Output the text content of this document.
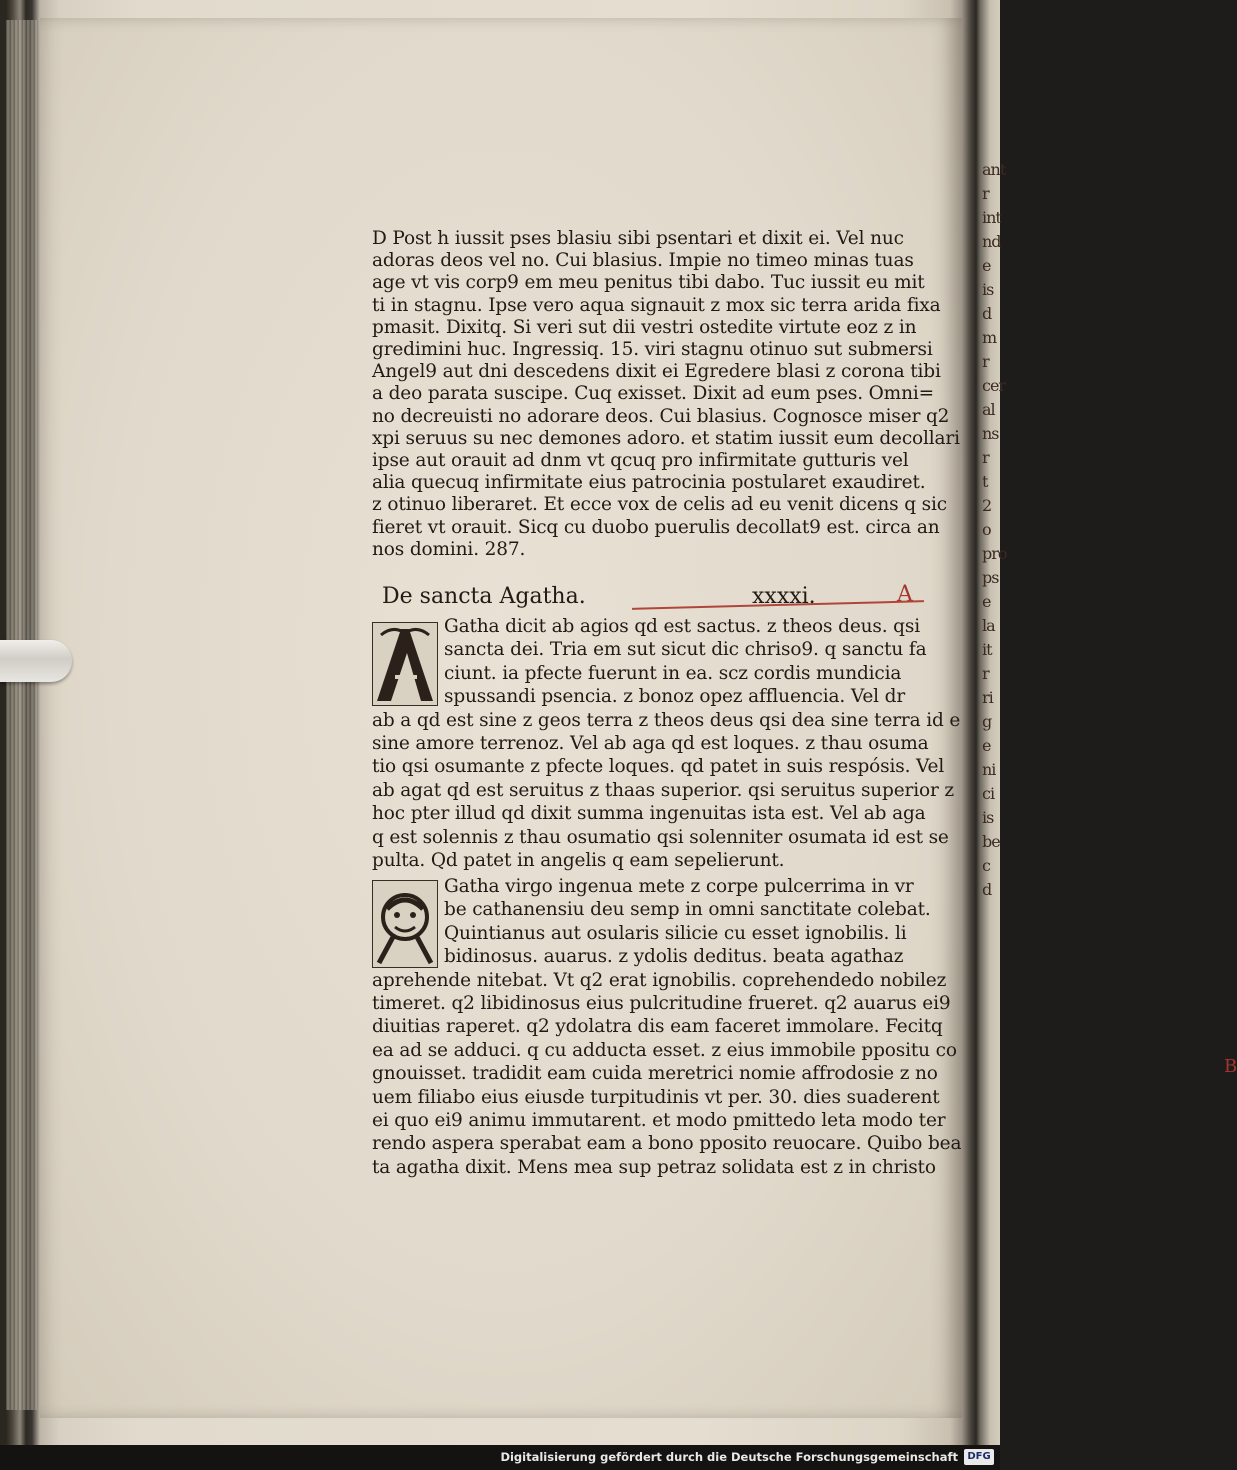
D Post h iussit pses blasiu sibi psentari et dixit ei. Vel nuc
adoras deos vel no. Cui blasius. Impie no timeo minas tuas
age vt vis corp9 em meu penitus tibi dabo. Tuc iussit eu mit
ti in stagnu. Ipse vero aqua signauit z mox sic terra arida fixa
pmasit. Dixitq. Si veri sut dii vestri ostedite virtute eoz z in
gredimini huc. Ingressiq. 15. viri stagnu otinuo sut submersi
Angel9 aut dni descedens dixit ei Egredere blasi z corona tibi
a deo parata suscipe. Cuq exisset. Dixit ad eum pses. Omni=
no decreuisti no adorare deos. Cui blasius. Cognosce miser q2
xpi seruus su nec demones adoro. et statim iussit eum decollari
ipse aut orauit ad dnm vt qcuq pro infirmitate gutturis vel
alia quecuq infirmitate eius patrocinia postularet exaudiret.
z otinuo liberaret. Et ecce vox de celis ad eu venit dicens q sic
fieret vt orauit. Sicq cu duobo puerulis decollat9 est. circa an
nos domini. 287.
De sancta Agatha.	xxxxi.	A
Gatha dicit ab agios qd est sactus. z theos deus. qsi
sancta dei. Tria em sut sicut dic chriso9. q sanctu fa
ciunt. ia pfecte fuerunt in ea. scz cordis mundicia
spussandi psencia. z bonoz opez affluencia. Vel dr
ab a qd est sine z geos terra z theos deus qsi dea sine terra id e
sine amore terrenoz. Vel ab aga qd est loques. z thau osuma
tio qsi osumante z pfecte loques. qd patet in suis respósis. Vel
ab agat qd est seruitus z thaas superior. qsi seruitus superior z
hoc pter illud qd dixit summa ingenuitas ista est. Vel ab aga
q est solennis z thau osumatio qsi solenniter osumata id est se
pulta. Qd patet in angelis q eam sepelierunt.
B
Gatha virgo ingenua mete z corpe pulcerrima in vr
be cathanensiu deu semp in omni sanctitate colebat.
Quintianus aut osularis silicie cu esset ignobilis. li
bidinosus. auarus. z ydolis deditus. beata agathaz
aprehende nitebat. Vt q2 erat ignobilis. coprehendedo nobilez
timeret. q2 libidinosus eius pulcritudine frueret. q2 auarus ei9
diuitias raperet. q2 ydolatra dis eam faceret immolare. Fecitq
ea ad se adduci. q cu adducta esset. z eius immobile ppositu co
gnouisset. tradidit eam cuida meretrici nomie affrodosie z no
uem filiabo eius eiusde turpitudinis vt per. 30. dies suaderent
ei quo ei9 animu immutarent. et modo pmittedo leta modo ter
rendo aspera sperabat eam a bono pposito reuocare. Quibo bea
ta agatha dixit. Mens mea sup petraz solidata est z in christo
ant
r
int
nd
e
is
d
m
r
cer
al
ns
r
t
2
o
pro
ps
e
la
it
r
ri
g
e
ni
ci
is
be
c
d
Digitalisierung gefördert durch die Deutsche Forschungsgemeinschaft DFG
